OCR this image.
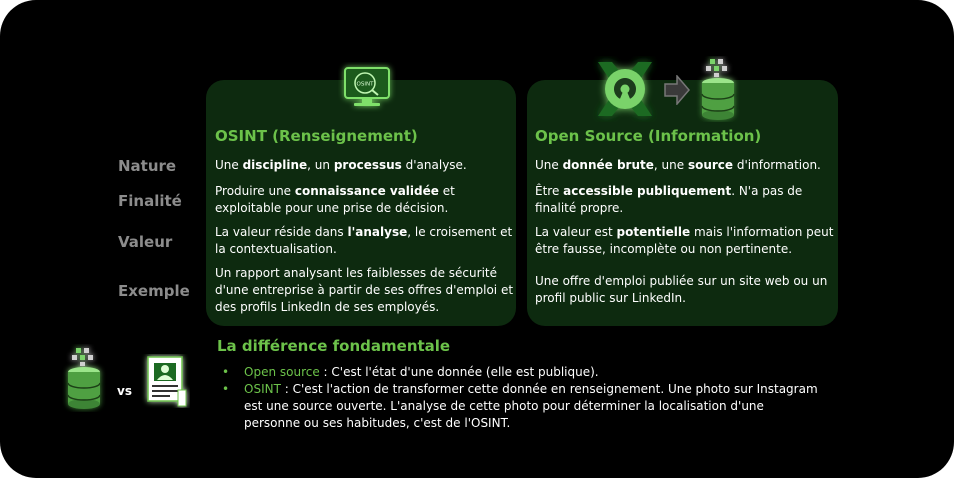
OSINT
OSINT (Renseignement)	Open Source (Information)
Nature
Finalité
Valeur
Exemple
Une discipline, un processus d'analyse.	Une donnée brute, une source d'information.
Produire une connaissance validée et exploitable pour une prise de décision.
Être accessible publiquement. N'a pas de finalité propre.
La valeur réside dans l'analyse, le croisement et la contextualisation.
La valeur est potentielle mais l'information peut être fausse, incomplète ou non pertinente.
Un rapport analysant les faiblesses de sécurité d'une entreprise à partir de ses offres d'emploi et des profils LinkedIn de ses employés.
Une offre d'emploi publiée sur un site web ou un profil public sur LinkedIn.
La différence fondamentale
vs
• Open source : C'est l'état d'une donnée (elle est publique).
• OSINT : C'est l'action de transformer cette donnée en renseignement. Une photo sur Instagram est une source ouverte. L'analyse de cette photo pour déterminer la localisation d'une personne ou ses habitudes, c'est de l'OSINT.
